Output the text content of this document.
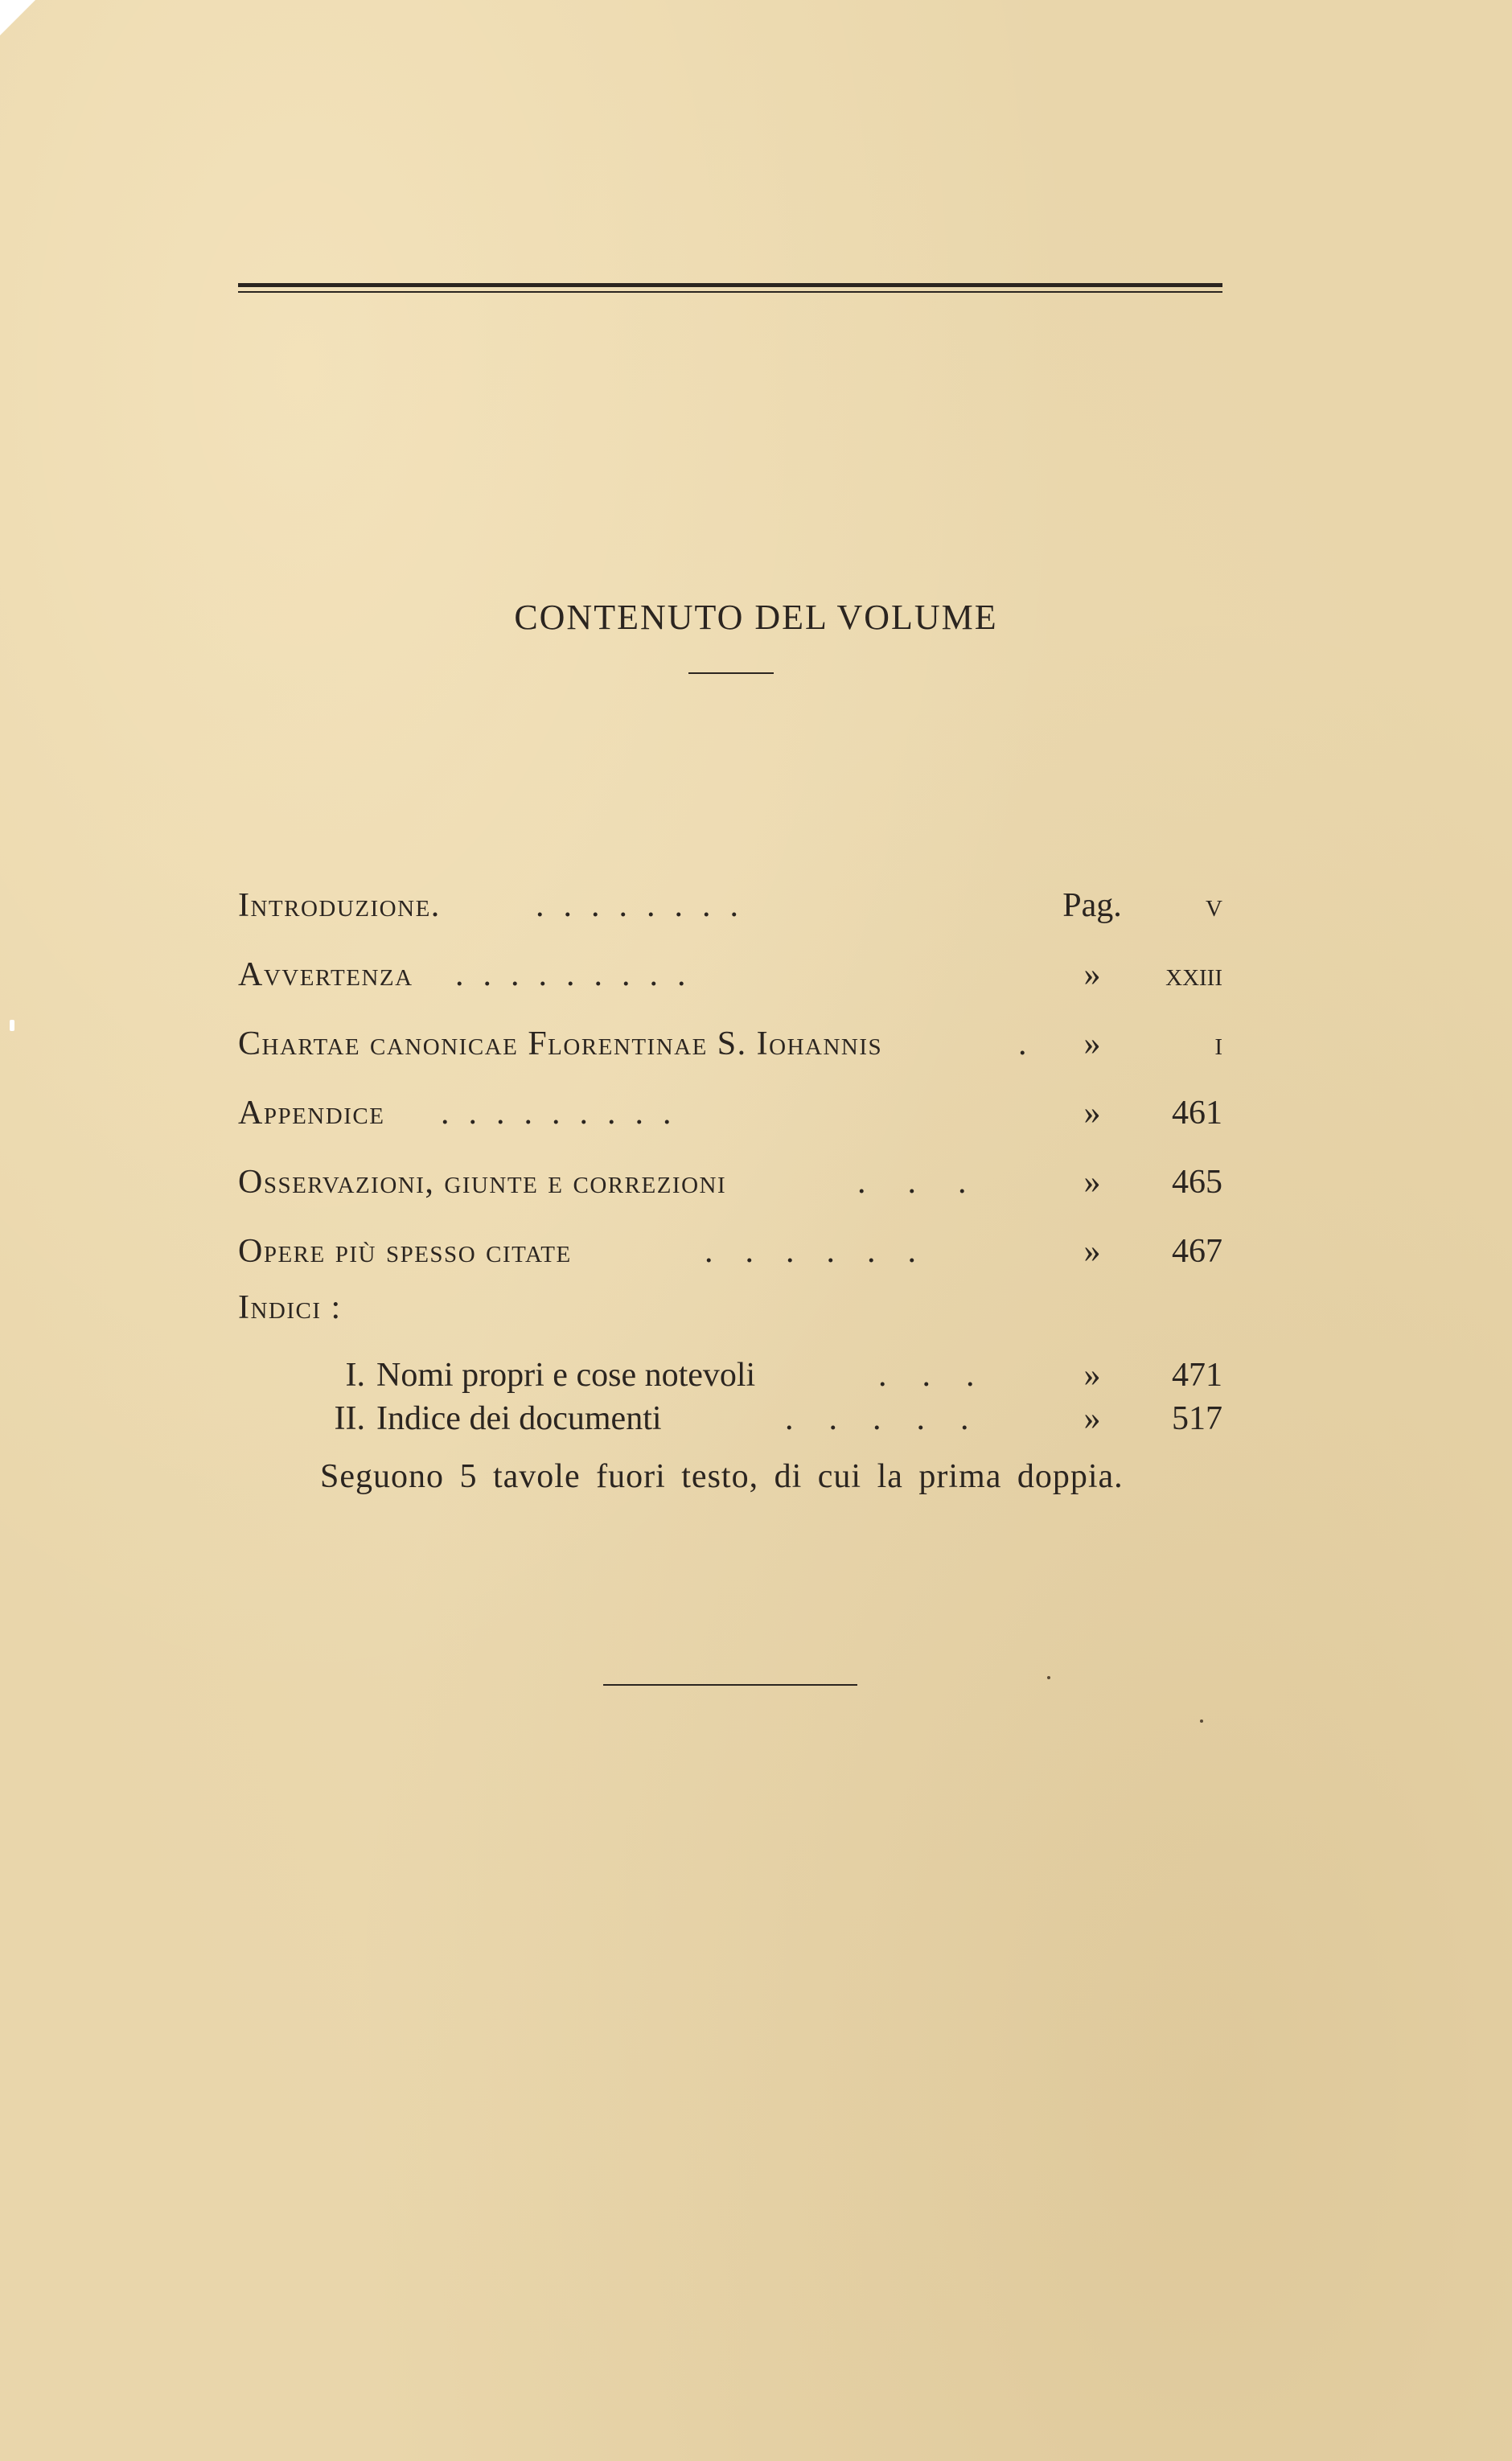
CONTENUTO DEL VOLUME
Introduzione.	........	Pag. v
Avvertenza .........	»	xxiii
Chartae canonicae Florentinae S. Iohannis	.	»	i
Appendice .........	»	461
Osservazioni, giunte e correzioni	...	»	465
Opere più spesso citate	......	»	467
Indici :
I. Nomi propri e cose notevoli	...	»	471
II. Indice dei documenti	.....	»	517
Seguono 5 tavole fuori testo, di cui la prima doppia.
